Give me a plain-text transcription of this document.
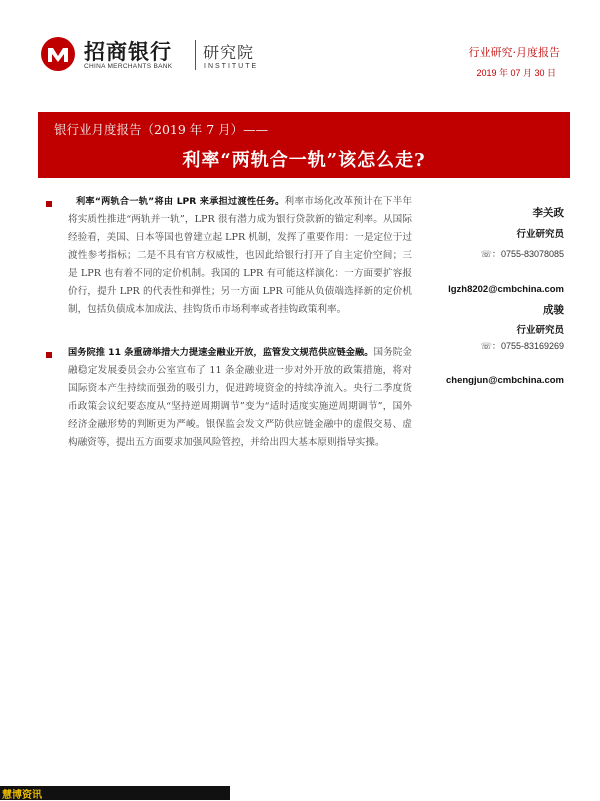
招商银行
CHINA MERCHANTS BANK
研究院
INSTITUTE
行业研究·月度报告
2019 年 07 月 30 日
银行业月度报告（2019 年 7 月）——
利率“两轨合一轨”该怎么走?
利率“两轨合一轨”将由 LPR 来承担过渡性任务。利率市场化改革预计在下半年将实质性推进“两轨并一轨”，LPR 很有潜力成为银行贷款新的锚定利率。从国际经验看，美国、日本等国也曾建立起 LPR 机制，发挥了重要作用：一是定位于过渡性参考指标；二是不具有官方权威性，也因此给银行打开了自主定价空间；三是 LPR 也有着不同的定价机制。我国的 LPR 有可能这样演化：一方面要扩容报价行，提升 LPR 的代表性和弹性；另一方面 LPR 可能从负债端选择新的定价机制，包括负债成本加成法、挂钩货币市场利率或者挂钩政策利率。
国务院推 11 条重磅举措大力提速金融业开放，监管发文规范供应链金融。国务院金融稳定发展委员会办公室宣布了 11 条金融业进一步对外开放的政策措施，将对国际资本产生持续而强劲的吸引力，促进跨境资金的持续净流入。央行二季度货币政策会议纪要态度从“坚持逆周期调节”变为“适时适度实施逆周期调节”，国外经济金融形势的判断更为严峻。银保监会发文严防供应链金融中的虚假交易、虚构融资等，提出五方面要求加强风险管控，并给出四大基本原则指导实操。
李关政
行业研究员
☏：0755-83078085
lgzh8202@cmbchina.com
成骏
行业研究员
☏：0755-83169269
chengjun@cmbchina.com
慧博资讯
